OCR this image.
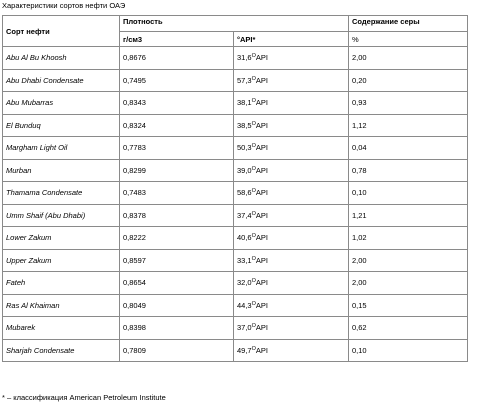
Характеристики сортов нефти ОАЭ
Сорт нефти	Плотность		Содержание серы
	г/см3	°API*	%
Abu Al Bu Khoosh	0,8676	$31,6^OAPI$	2,00
Abu Dhabi Condensate	0,7495	$57,3^OAPI$	0,20
Abu Mubarras	0,8343	$38,1^OAPI$	0,93
El Bunduq	0,8324	$38,5^OAPI$	1,12
Margham Light Oil	0,7783	$50,3^OAPI$	0,04
Murban	0,8299	$39,0^OAPI$	0,78
Thamama Condensate	0,7483	$58,6^OAPI$	0,10
Umm Shaif (Abu Dhabi)	0,8378	$37,4^OAPI$	1,21
Lower Zakum	0,8222	$40,6^OAPI$	1,02
Upper Zakum	0,8597	$33,1^OAPI$	2,00
Fateh	0,8654	$32,0^OAPI$	2,00
Ras Al Khaiman	0,8049	$44,3^OAPI$	0,15
Mubarek	0,8398	$37,0^OAPI$	0,62
Sharjah Condensate	0,7809	$49,7^OAPI$	0,10
* – классификация American Petroleum Institute
